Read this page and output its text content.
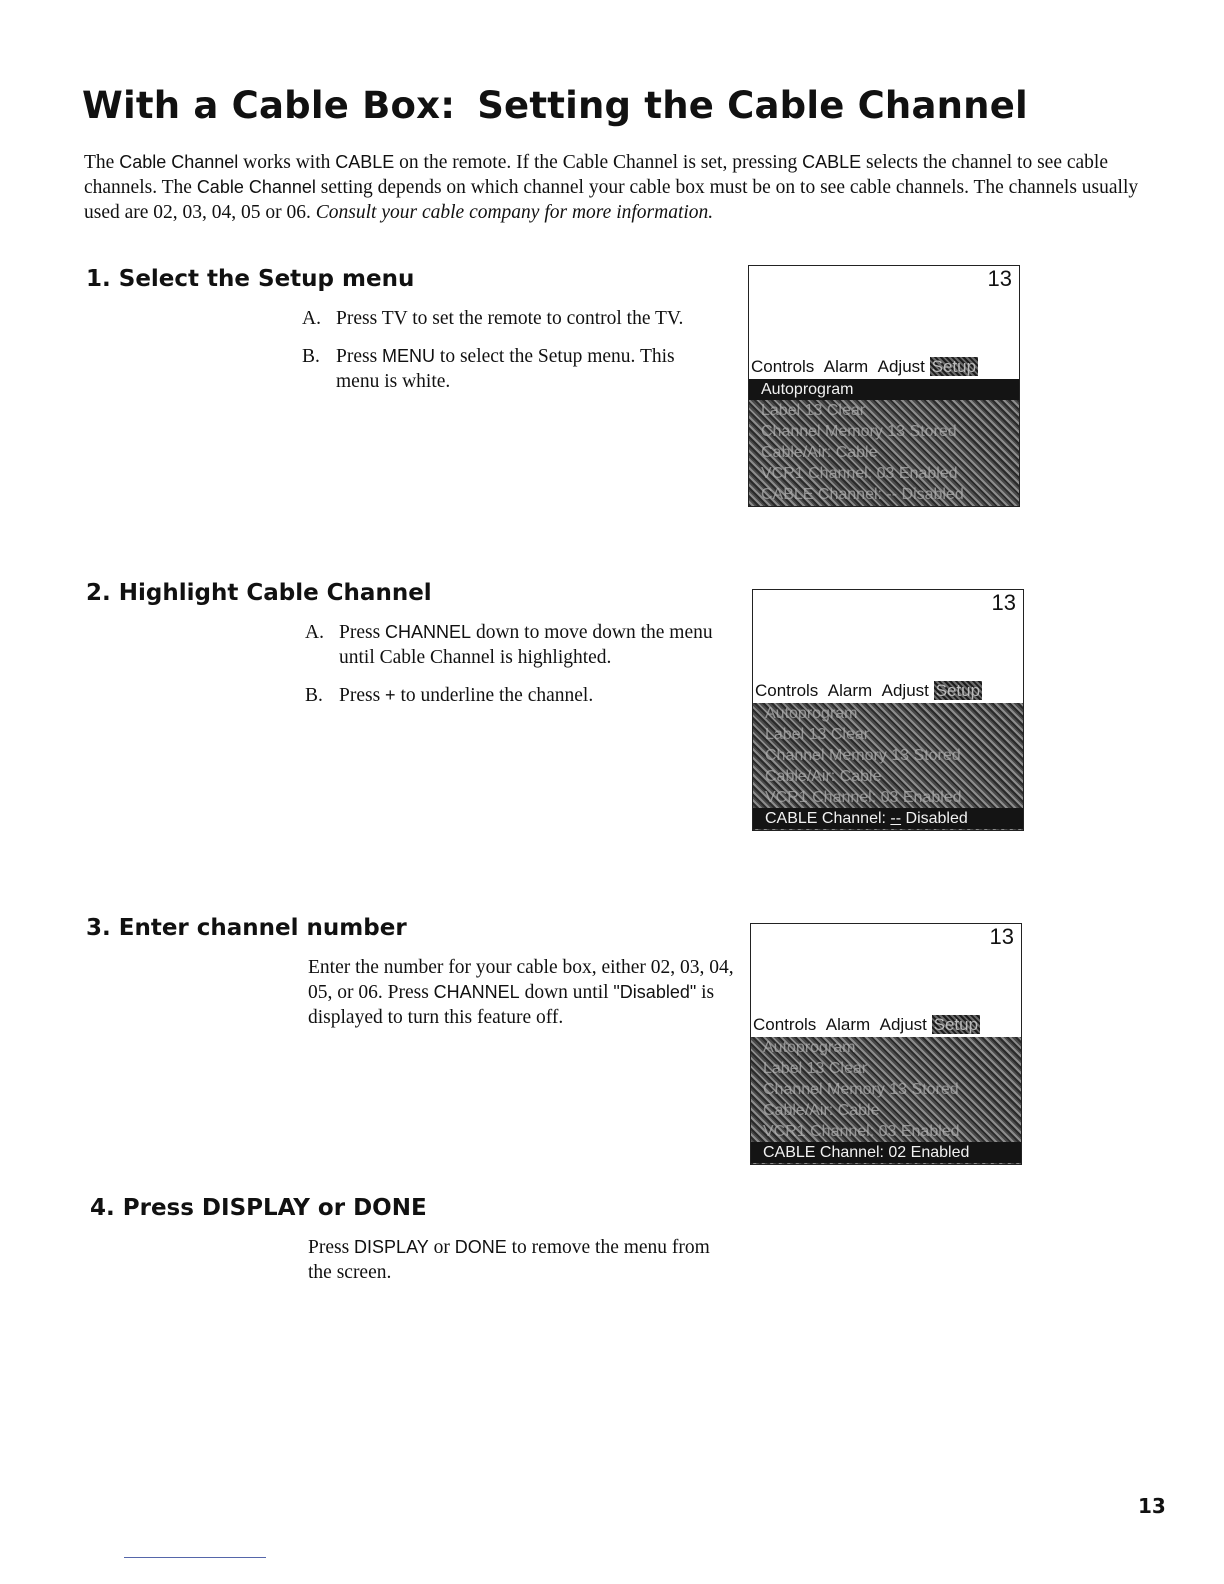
With a Cable Box: Setting the Cable Channel

The Cable Channel works with CABLE on the remote. If the Cable Channel is set, pressing CABLE selects the channel to see cable channels. The Cable Channel setting depends on which channel your cable box must be on to see cable channels. The channels usually used are 02, 03, 04, 05 or 06. Consult your cable company for more information.

1. Select the Setup menu
A. Press TV to set the remote to control the TV.
B. Press MENU to select the Setup menu. This menu is white.
13
Controls Alarm Adjust Setup
Autoprogram
Label 13 Clear
Channel Memory 13 Stored
Cable/Air: Cable
VCR1 Channel: 03 Enabled
CABLE Channel: -- Disabled
2. Highlight Cable Channel
A. Press CHANNEL down to move down the menu until Cable Channel is highlighted.
B. Press + to underline the channel.
13
Controls Alarm Adjust Setup
Autoprogram
Label 13 Clear
Channel Memory 13 Stored
Cable/Air: Cable
VCR1 Channel: 03 Enabled
CABLE Channel: -- Disabled
3. Enter channel number

Enter the number for your cable box, either 02, 03, 04, 05, or 06. Press CHANNEL down until "Disabled" is displayed to turn this feature off.

13
Controls Alarm Adjust Setup
Autoprogram
Label 13 Clear
Channel Memory 13 Stored
Cable/Air: Cable
VCR1 Channel: 03 Enabled
CABLE Channel: 02 Enabled
4. Press DISPLAY or DONE

Press DISPLAY or DONE to remove the menu from the screen.

13
